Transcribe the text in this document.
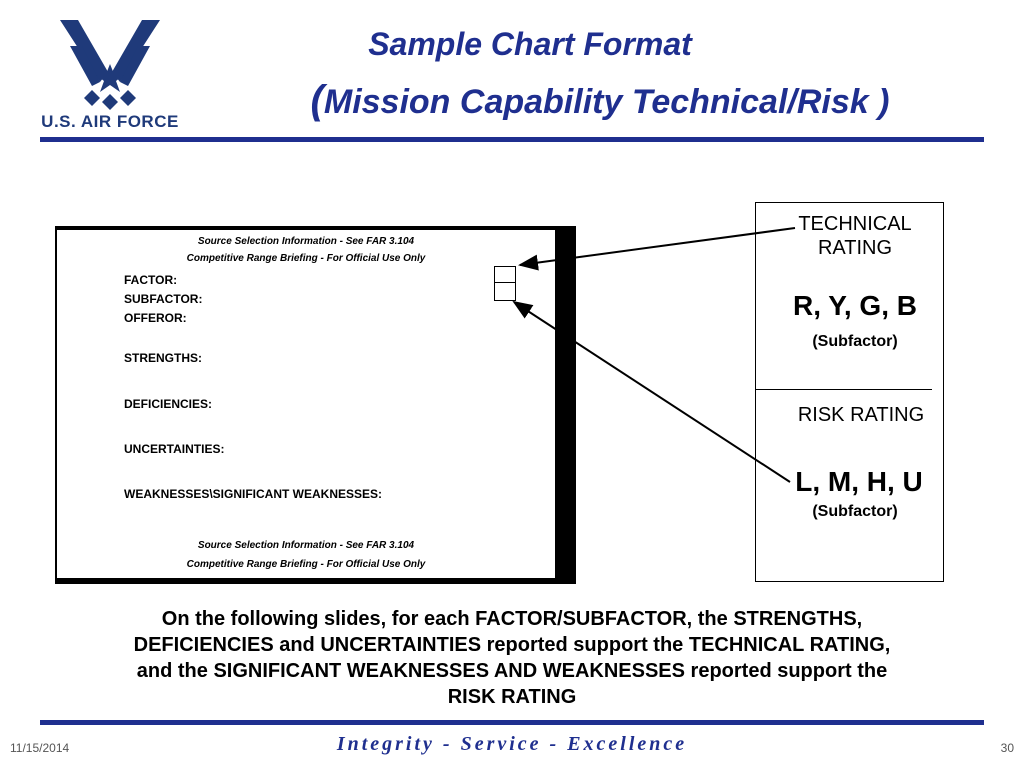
U.S. AIR FORCE
Sample Chart Format
(Mission Capability Technical/Risk )
Source Selection Information - See FAR 3.104
Competitive Range Briefing - For Official Use Only
FACTOR:
SUBFACTOR:
OFFEROR:
STRENGTHS:
DEFICIENCIES:
UNCERTAINTIES:
WEAKNESSES\SIGNIFICANT WEAKNESSES:
Source Selection Information - See FAR 3.104
Competitive Range Briefing - For Official Use Only
TECHNICAL
RATING
R, Y, G, B
(Subfactor)
RISK RATING
L, M, H, U
(Subfactor)
On the following slides, for each FACTOR/SUBFACTOR, the STRENGTHS,
DEFICIENCIES and UNCERTAINTIES reported support the TECHNICAL RATING,
and the SIGNIFICANT WEAKNESSES AND WEAKNESSES reported support the
RISK RATING
11/15/2014	Integrity - Service - Excellence	30
